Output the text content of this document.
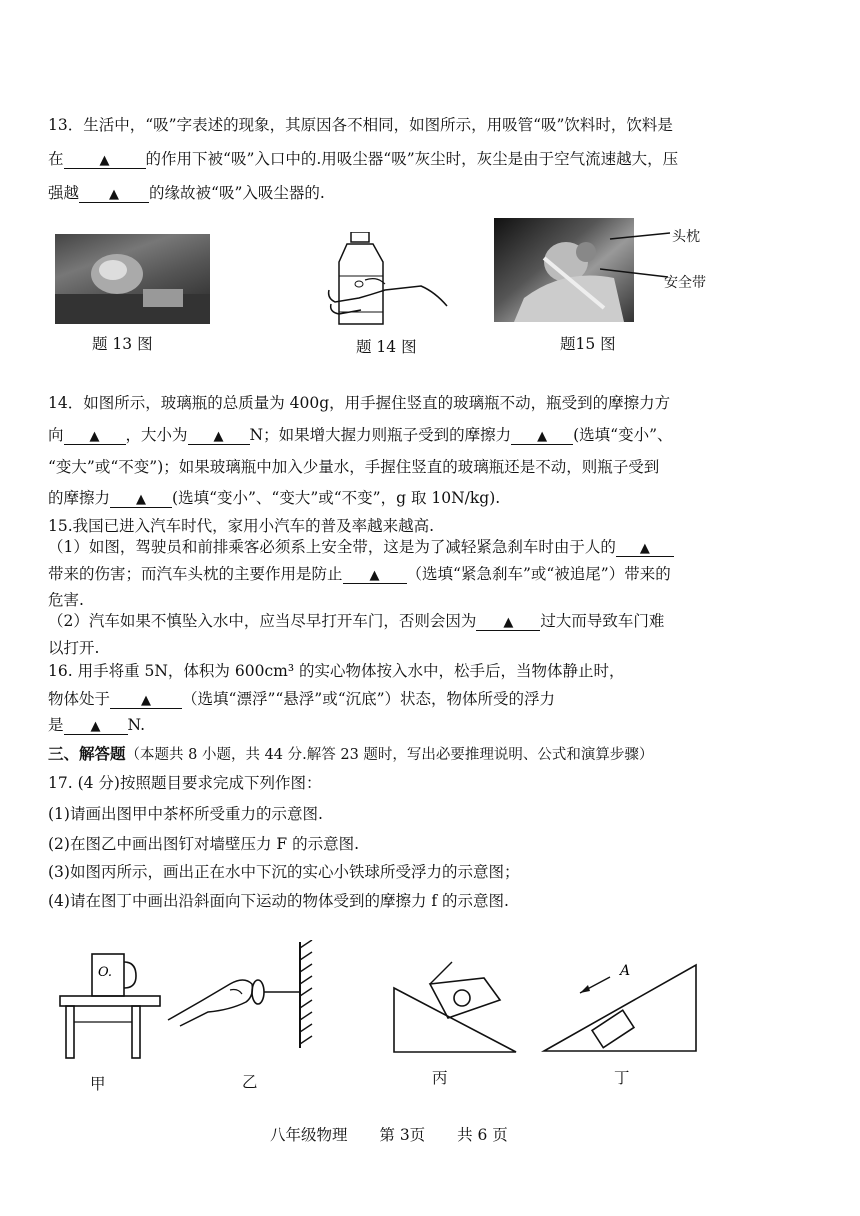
13．生活中，“吸”字表述的现象，其原因各不相同，如图所示，用吸管“吸”饮料时，饮料是
在	▲ 的作用下被“吸”入口中的.用吸尘器“吸”灰尘时，灰尘是由于空气流速越大，压
强越 ▲ 的缘故被“吸”入吸尘器的.
题 13 图	题 14 图
头枕
安全带
题15 图
14．如图所示，玻璃瓶的总质量为 400g，用手握住竖直的玻璃瓶不动，瓶受到的摩擦力方
向 ▲ ，大小为 ▲ N；如果增大握力则瓶子受到的摩擦力 ▲ (选填“变小”、
“变大”或“不变”)；如果玻璃瓶中加入少量水，手握住竖直的玻璃瓶还是不动，则瓶子受到
的摩擦力 ▲ (选填“变小”、“变大”或“不变”，g 取 10N/kg).
15.我国已进入汽车时代，家用小汽车的普及率越来越高.
（1）如图，驾驶员和前排乘客必须系上安全带，这是为了减轻紧急刹车时由于人的 ▲
带来的伤害；而汽车头枕的主要作用是防止 ▲ （选填“紧急刹车”或“被追尾”）带来的
危害.
（2）汽车如果不慎坠入水中，应当尽早打开车门，否则会因为 ▲ 过大而导致车门难
以打开.
16. 用手将重 5N，体积为 600cm³ 的实心物体按入水中，松手后，当物体静止时，
物体处于 ▲ （选填“漂浮”“悬浮”或“沉底”）状态，物体所受的浮力
是 ▲ N.
三、解答题（本题共 8 小题，共 44 分.解答 23 题时，写出必要推理说明、公式和演算步骤）
17. (4 分)按照题目要求完成下列作图：
(1)请画出图甲中茶杯所受重力的示意图.
(2)在图乙中画出图钉对墙壁压力 F 的示意图.
(3)如图丙所示，画出正在水中下沉的实心小铁球所受浮力的示意图；
(4)请在图丁中画出沿斜面向下运动的物体受到的摩擦力 f 的示意图.
O.
甲	乙	丙
A
丁
八年级物理 第 3页 共 6 页
